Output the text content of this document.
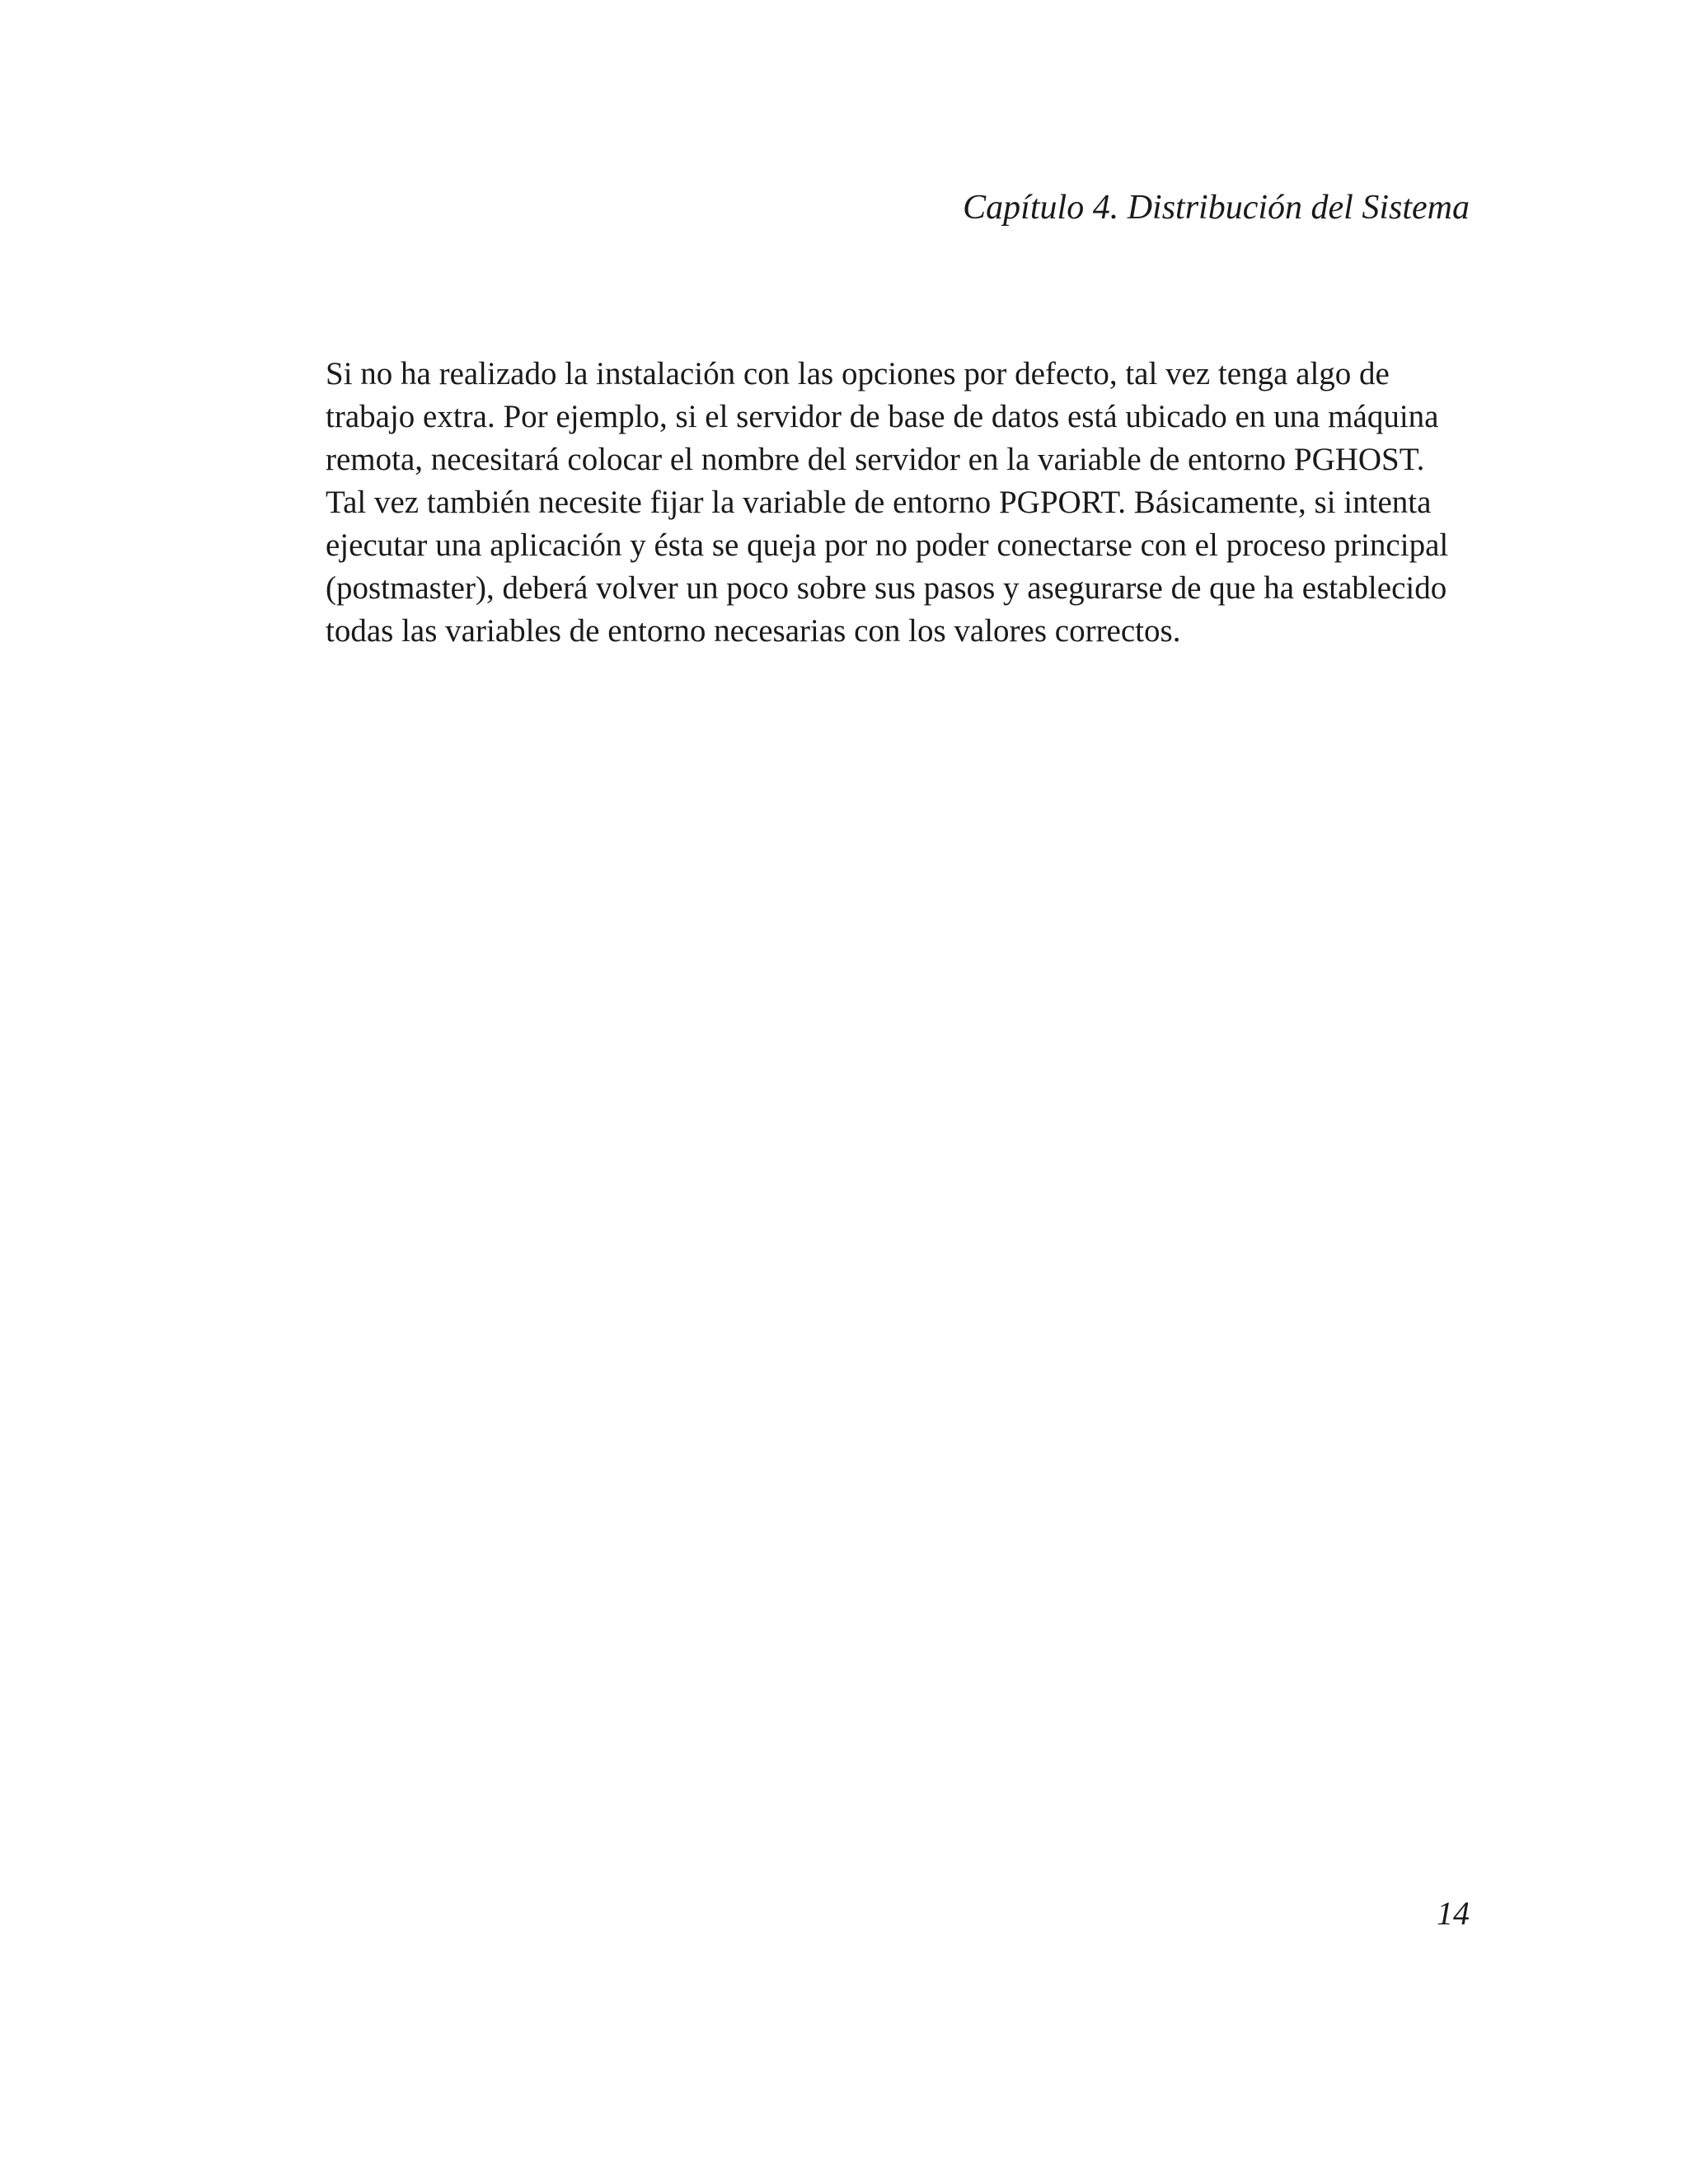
Capítulo 4. Distribución del Sistema

Si no ha realizado la instalación con las opciones por defecto, tal vez tenga algo de
trabajo extra. Por ejemplo, si el servidor de base de datos está ubicado en una máquina
remota, necesitará colocar el nombre del servidor en la variable de entorno PGHOST.
Tal vez también necesite fijar la variable de entorno PGPORT. Básicamente, si intenta
ejecutar una aplicación y ésta se queja por no poder conectarse con el proceso principal
(postmaster), deberá volver un poco sobre sus pasos y asegurarse de que ha establecido
todas las variables de entorno necesarias con los valores correctos.

14
